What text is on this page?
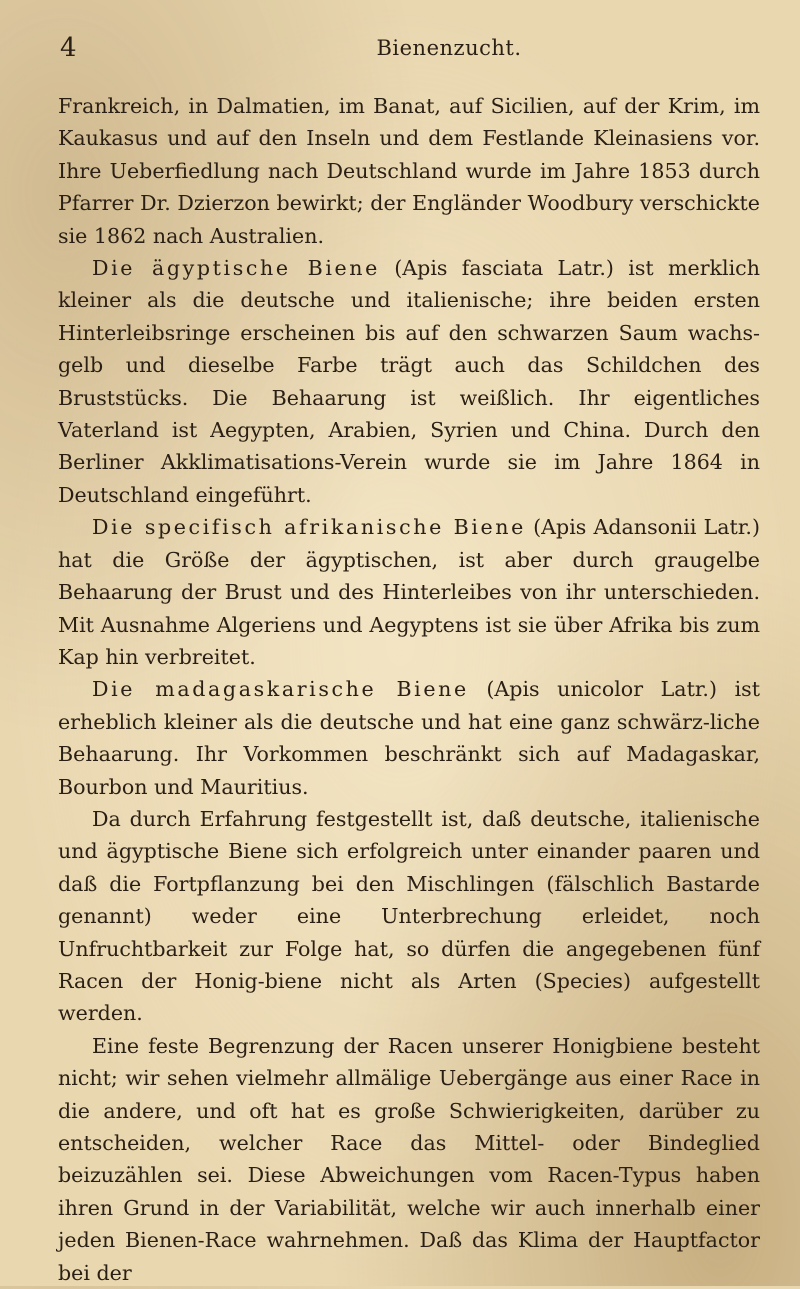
4	Bienenzucht.

Frankreich, in Dalmatien, im Banat, auf Sicilien, auf der Krim, im Kaukasus und auf den Inseln und dem Festlande Kleinasiens vor. Ihre Ueberfiedlung nach Deutschland wurde im Jahre 1853 durch Pfarrer Dr. Dzierzon bewirkt; der Engländer Woodbury verschickte sie 1862 nach Australien.

Die ägyptische Biene (Apis fasciata Latr.) ist merklich kleiner als die deutsche und italienische; ihre beiden ersten Hinterleibsringe erscheinen bis auf den schwarzen Saum wachs-gelb und dieselbe Farbe trägt auch das Schildchen des Bruststücks. Die Behaarung ist weißlich. Ihr eigentliches Vaterland ist Aegypten, Arabien, Syrien und China. Durch den Berliner Akklimatisations-Verein wurde sie im Jahre 1864 in Deutschland eingeführt.

Die specifisch afrikanische Biene (Apis Adansonii Latr.) hat die Größe der ägyptischen, ist aber durch graugelbe Behaarung der Brust und des Hinterleibes von ihr unterschieden. Mit Ausnahme Algeriens und Aegyptens ist sie über Afrika bis zum Kap hin verbreitet.

Die madagaskarische Biene (Apis unicolor Latr.) ist erheblich kleiner als die deutsche und hat eine ganz schwärz-liche Behaarung. Ihr Vorkommen beschränkt sich auf Madagaskar, Bourbon und Mauritius.

Da durch Erfahrung festgestellt ist, daß deutsche, italienische und ägyptische Biene sich erfolgreich unter einander paaren und daß die Fortpflanzung bei den Mischlingen (fälschlich Bastarde genannt) weder eine Unterbrechung erleidet, noch Unfruchtbarkeit zur Folge hat, so dürfen die angegebenen fünf Racen der Honig-biene nicht als Arten (Species) aufgestellt werden.

Eine feste Begrenzung der Racen unserer Honigbiene besteht nicht; wir sehen vielmehr allmälige Uebergänge aus einer Race in die andere, und oft hat es große Schwierigkeiten, darüber zu entscheiden, welcher Race das Mittel- oder Bindeglied beizuzählen sei. Diese Abweichungen vom Racen-Typus haben ihren Grund in der Variabilität, welche wir auch innerhalb einer jeden Bienen-Race wahrnehmen. Daß das Klima der Hauptfactor bei der
